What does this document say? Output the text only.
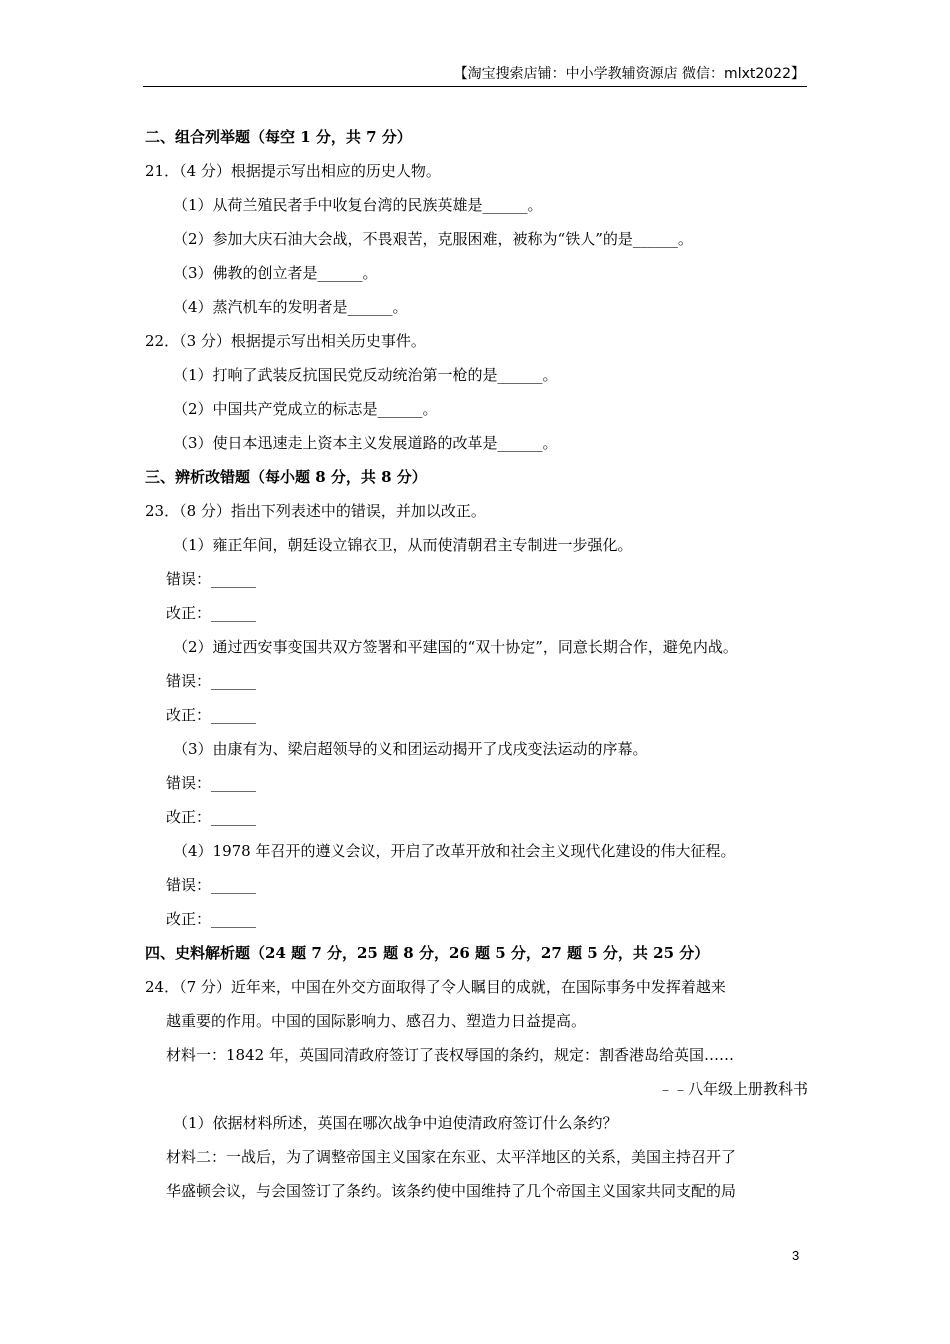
【淘宝搜索店铺：中小学教辅资源店 微信：mlxt2022】
二、组合列举题（每空 1 分，共 7 分）
21．（4 分）根据提示写出相应的历史人物。
（1）从荷兰殖民者手中收复台湾的民族英雄是______。
（2）参加大庆石油大会战，不畏艰苦，克服困难，被称为“铁人”的是______。
（3）佛教的创立者是______。
（4）蒸汽机车的发明者是______。
22．（3 分）根据提示写出相关历史事件。
（1）打响了武装反抗国民党反动统治第一枪的是______。
（2）中国共产党成立的标志是______。
（3）使日本迅速走上资本主义发展道路的改革是______。
三、辨析改错题（每小题 8 分，共 8 分）
23．（8 分）指出下列表述中的错误，并加以改正。
（1）雍正年间，朝廷设立锦衣卫，从而使清朝君主专制进一步强化。
错误：______
改正：______
（2）通过西安事变国共双方签署和平建国的“双十协定”，同意长期合作，避免内战。
错误：______
改正：______
（3）由康有为、梁启超领导的义和团运动揭开了戊戌变法运动的序幕。
错误：______
改正：______
（4）1978 年召开的遵义会议，开启了改革开放和社会主义现代化建设的伟大征程。
错误：______
改正：______
四、史料解析题（24 题 7 分，25 题 8 分，26 题 5 分，27 题 5 分，共 25 分）
24．（7 分）近年来，中国在外交方面取得了令人瞩目的成就，在国际事务中发挥着越来
越重要的作用。中国的国际影响力、感召力、塑造力日益提高。
材料一：1842 年，英国同清政府签订了丧权辱国的条约，规定：割香港岛给英国……
﹣﹣八年级上册教科书
（1）依据材料所述，英国在哪次战争中迫使清政府签订什么条约？
材料二：一战后，为了调整帝国主义国家在东亚、太平洋地区的关系，美国主持召开了
华盛顿会议，与会国签订了条约。该条约使中国维持了几个帝国主义国家共同支配的局
3
